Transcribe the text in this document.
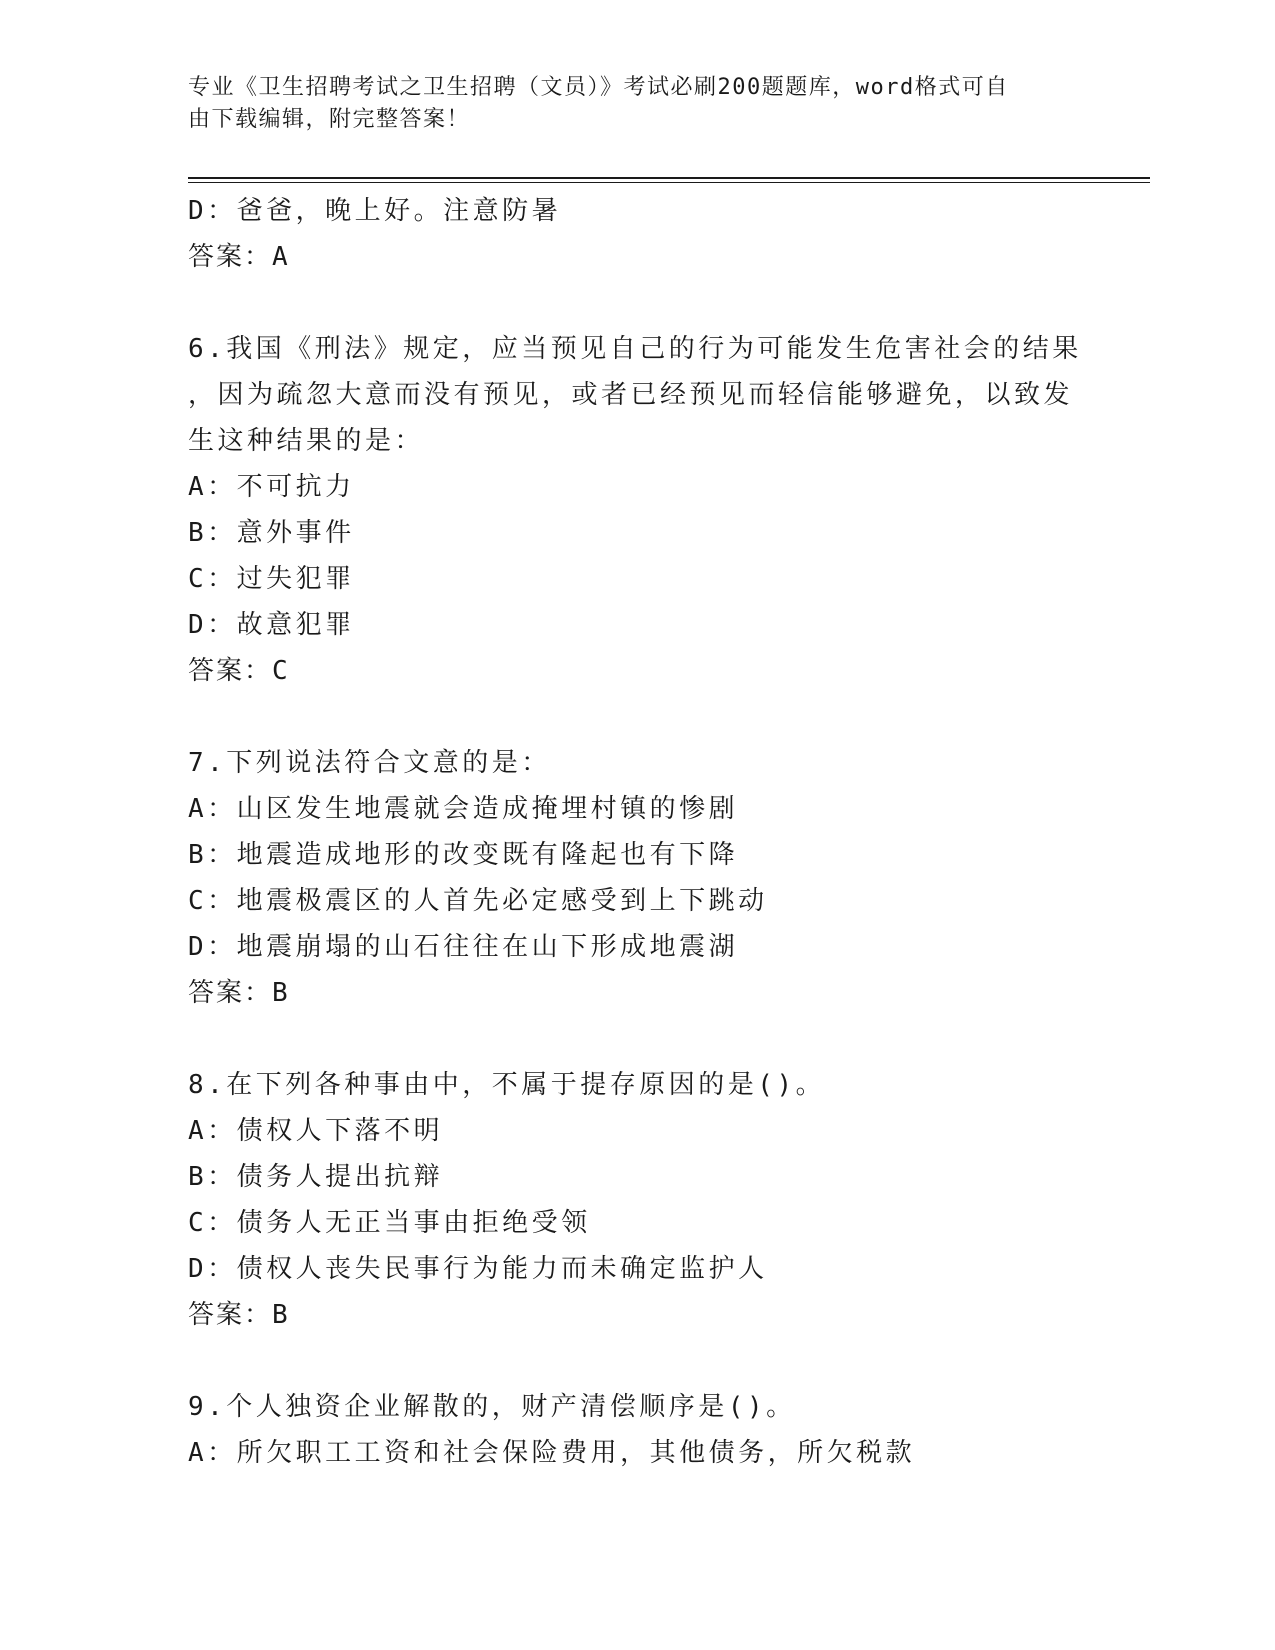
专业《卫生招聘考试之卫生招聘（文员）》考试必刷200题题库，word格式可自
由下载编辑，附完整答案！
D：爸爸，晚上好。注意防暑
答案：A
6.我国《刑法》规定，应当预见自己的行为可能发生危害社会的结果
，因为疏忽大意而没有预见，或者已经预见而轻信能够避免，以致发
生这种结果的是：
A：不可抗力
B：意外事件
C：过失犯罪
D：故意犯罪
答案：C
7.下列说法符合文意的是：
A：山区发生地震就会造成掩埋村镇的惨剧
B：地震造成地形的改变既有隆起也有下降
C：地震极震区的人首先必定感受到上下跳动
D：地震崩塌的山石往往在山下形成地震湖
答案：B
8.在下列各种事由中，不属于提存原因的是()。
A：债权人下落不明
B：债务人提出抗辩
C：债务人无正当事由拒绝受领
D：债权人丧失民事行为能力而未确定监护人
答案：B
9.个人独资企业解散的，财产清偿顺序是()。
A：所欠职工工资和社会保险费用，其他债务，所欠税款
